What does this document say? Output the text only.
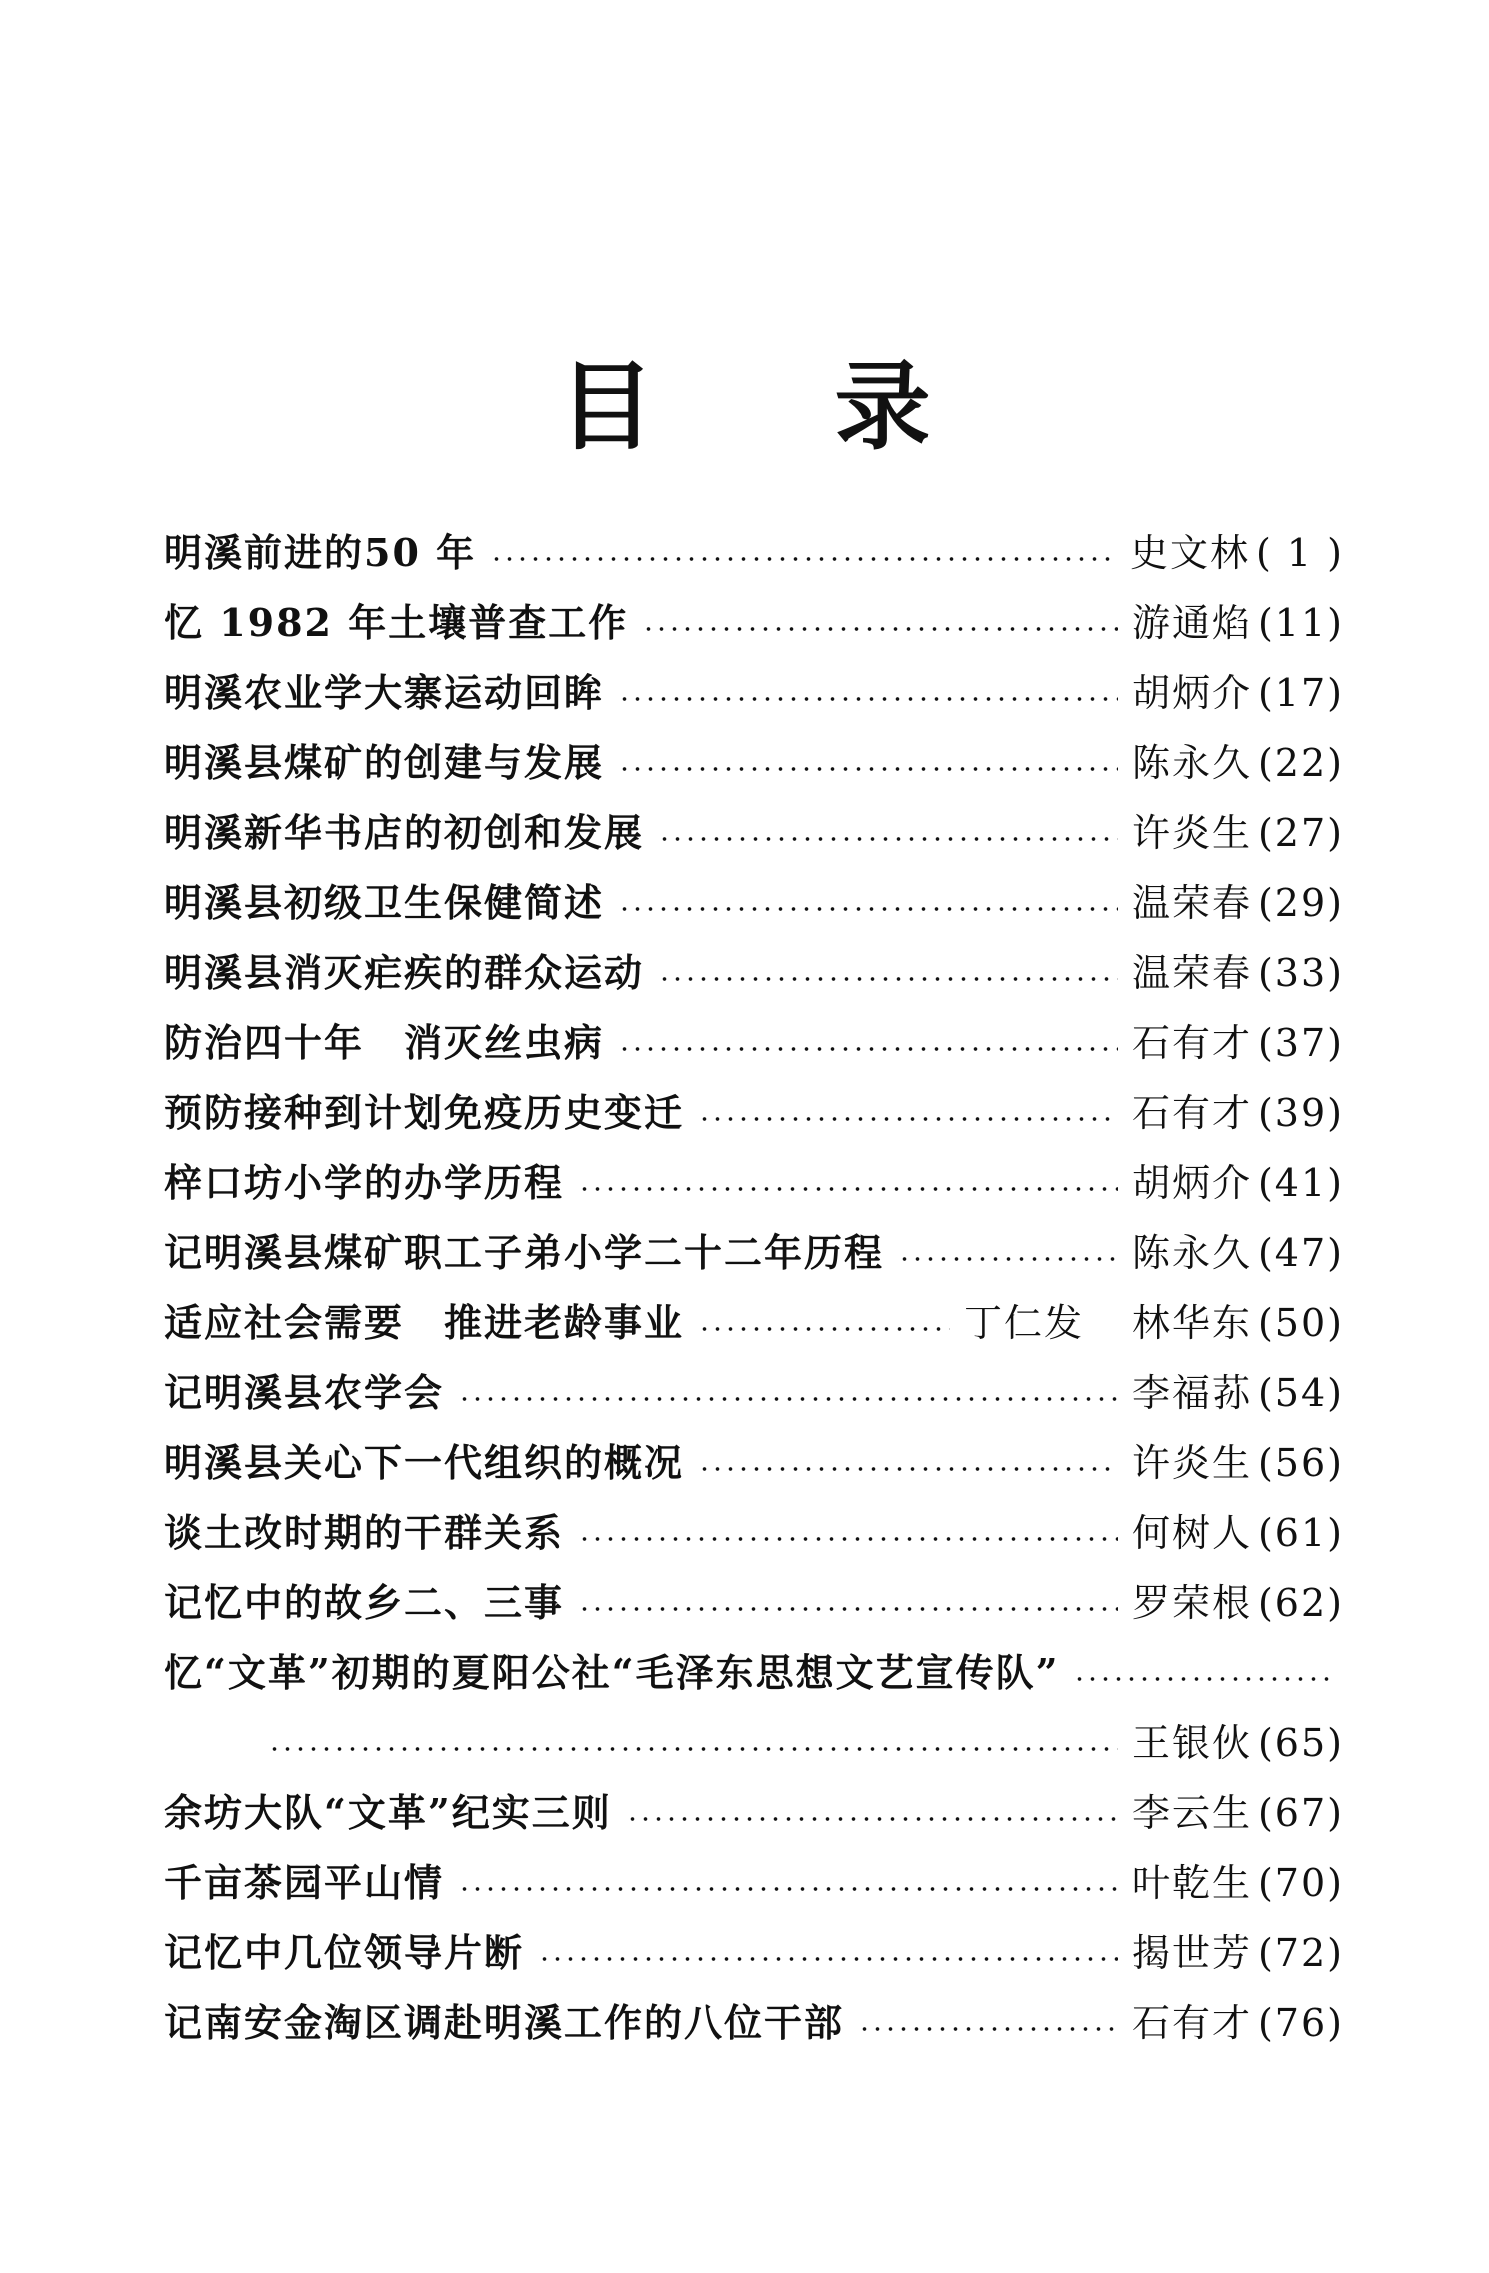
目录
明溪前进的50 年	史文林 ( 1 )
忆 1982 年土壤普查工作	游通焰 (11)
明溪农业学大寨运动回眸	胡炳介 (17)
明溪县煤矿的创建与发展	陈永久 (22)
明溪新华书店的初创和发展	许炎生 (27)
明溪县初级卫生保健简述	温荣春 (29)
明溪县消灭疟疾的群众运动	温荣春 (33)
防治四十年　消灭丝虫病	石有才 (37)
预防接种到计划免疫历史变迁	石有才 (39)
梓口坊小学的办学历程	胡炳介 (41)
记明溪县煤矿职工子弟小学二十二年历程	陈永久 (47)
适应社会需要　推进老龄事业	丁仁发 林华东 (50)
记明溪县农学会	李福荪 (54)
明溪县关心下一代组织的概况	许炎生 (56)
谈土改时期的干群关系	何树人 (61)
记忆中的故乡二、三事	罗荣根 (62)
忆“文革”初期的夏阳公社“毛泽东思想文艺宣传队”
王银伙 (65)
余坊大队“文革”纪实三则	李云生 (67)
千亩茶园平山情	叶乾生 (70)
记忆中几位领导片断	揭世芳 (72)
记南安金淘区调赴明溪工作的八位干部	石有才 (76)
